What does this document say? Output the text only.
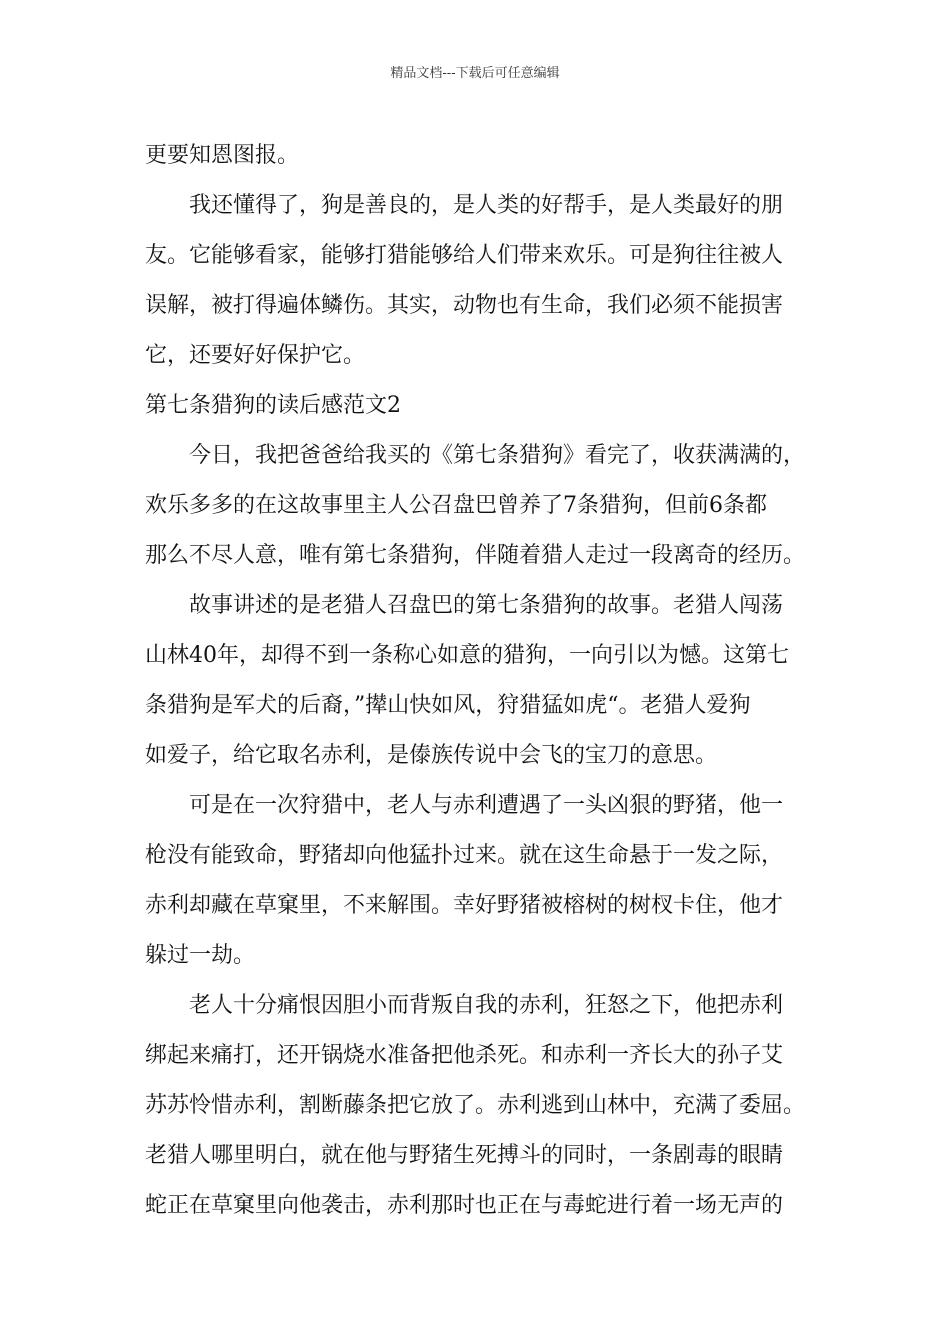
精品文档---下载后可任意编辑
更要知恩图报。
我还懂得了，狗是善良的，是人类的好帮手，是人类最好的朋
友。它能够看家，能够打猎能够给人们带来欢乐。可是狗往往被人
误解，被打得遍体鳞伤。其实，动物也有生命，我们必须不能损害
它，还要好好保护它。
第七条猎狗的读后感范文2
今日，我把爸爸给我买的《第七条猎狗》看完了，收获满满的，
欢乐多多的在这故事里主人公召盘巴曾养了7条猎狗，但前6条都
那么不尽人意，唯有第七条猎狗，伴随着猎人走过一段离奇的经历。
故事讲述的是老猎人召盘巴的第七条猎狗的故事。老猎人闯荡
山林40年，却得不到一条称心如意的猎狗，一向引以为憾。这第七
条猎狗是军犬的后裔，”撵山快如风，狩猎猛如虎“。老猎人爱狗
如爱子，给它取名赤利，是傣族传说中会飞的宝刀的意思。
可是在一次狩猎中，老人与赤利遭遇了一头凶狠的野猪，他一
枪没有能致命，野猪却向他猛扑过来。就在这生命悬于一发之际，
赤利却藏在草窠里，不来解围。幸好野猪被榕树的树杈卡住，他才
躲过一劫。
老人十分痛恨因胆小而背叛自我的赤利，狂怒之下，他把赤利
绑起来痛打，还开锅烧水准备把他杀死。和赤利一齐长大的孙子艾
苏苏怜惜赤利，割断藤条把它放了。赤利逃到山林中，充满了委屈。
老猎人哪里明白，就在他与野猪生死搏斗的同时，一条剧毒的眼睛
蛇正在草窠里向他袭击，赤利那时也正在与毒蛇进行着一场无声的
